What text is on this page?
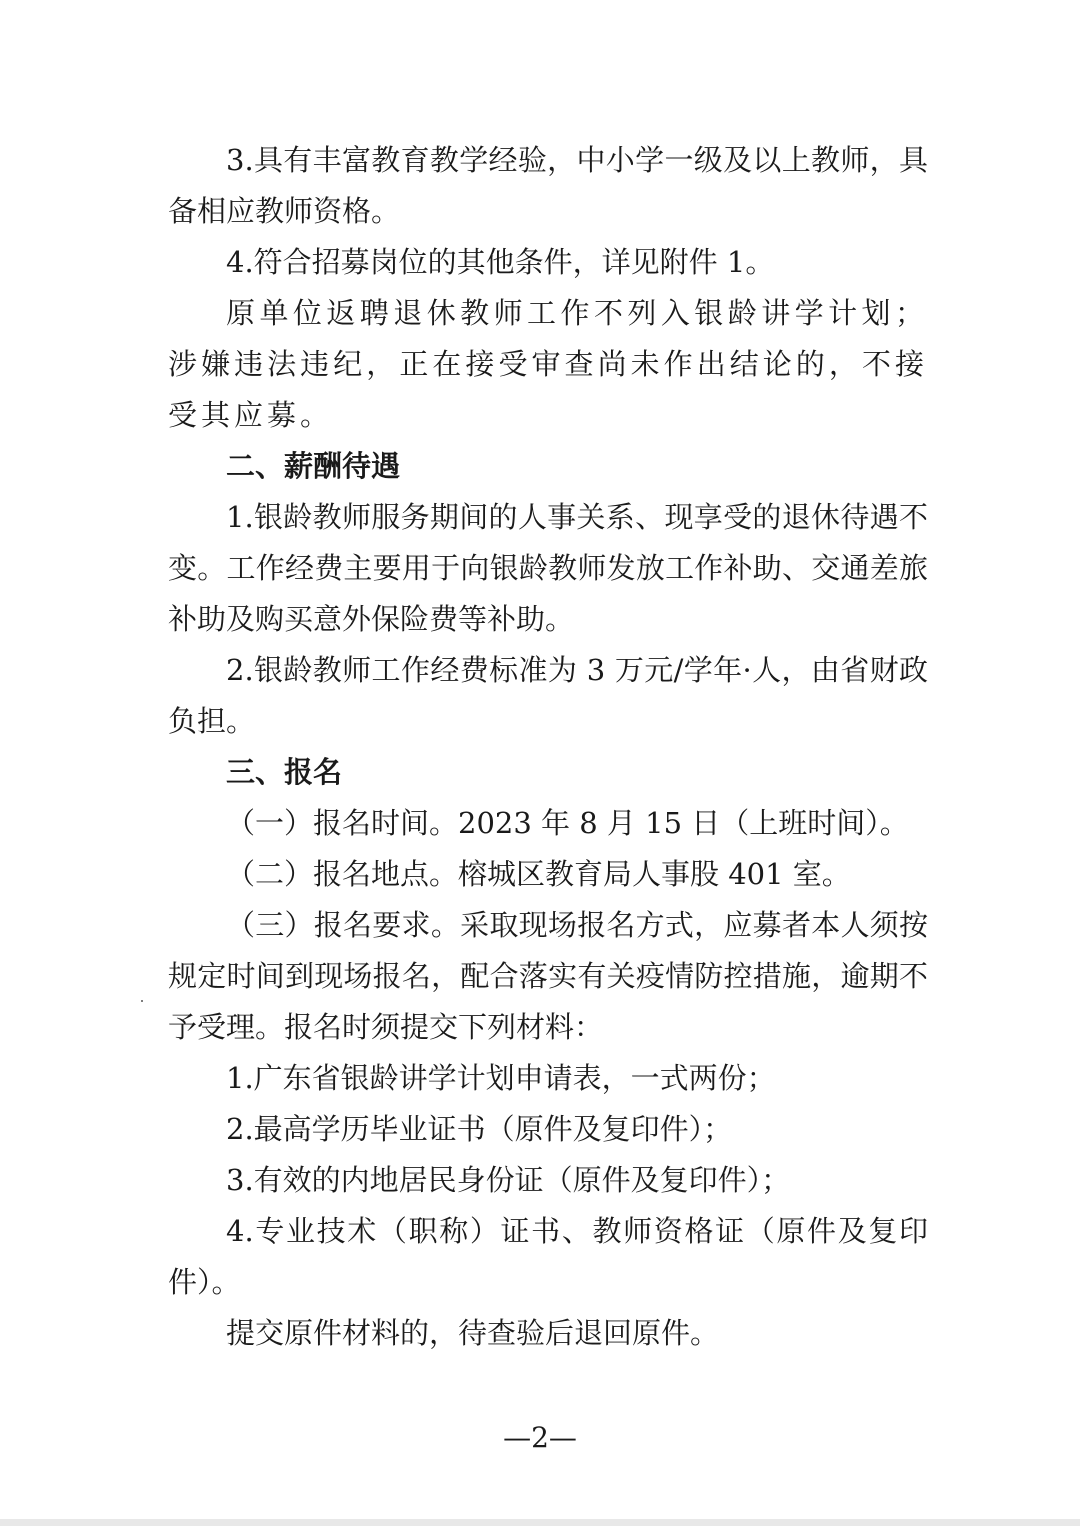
3.具有丰富教育教学经验，中小学一级及以上教师，具备相应教师资格。

4.符合招募岗位的其他条件，详见附件 1。

原单位返聘退休教师工作不列入银龄讲学计划；涉嫌违法违纪，正在接受审查尚未作出结论的，不接受其应募。

二、薪酬待遇

1.银龄教师服务期间的人事关系、现享受的退休待遇不变。工作经费主要用于向银龄教师发放工作补助、交通差旅补助及购买意外保险费等补助。

2.银龄教师工作经费标准为 3 万元/学年·人，由省财政负担。

三、报名

（一）报名时间。2023 年 8 月 15 日（上班时间）。

（二）报名地点。榕城区教育局人事股 401 室。

（三）报名要求。采取现场报名方式，应募者本人须按规定时间到现场报名，配合落实有关疫情防控措施，逾期不予受理。报名时须提交下列材料：

1.广东省银龄讲学计划申请表，一式两份；

2.最高学历毕业证书（原件及复印件）；

3.有效的内地居民身份证（原件及复印件）；

4.专业技术（职称）证书、教师资格证（原件及复印件）。

提交原件材料的，待查验后退回原件。

—2—
